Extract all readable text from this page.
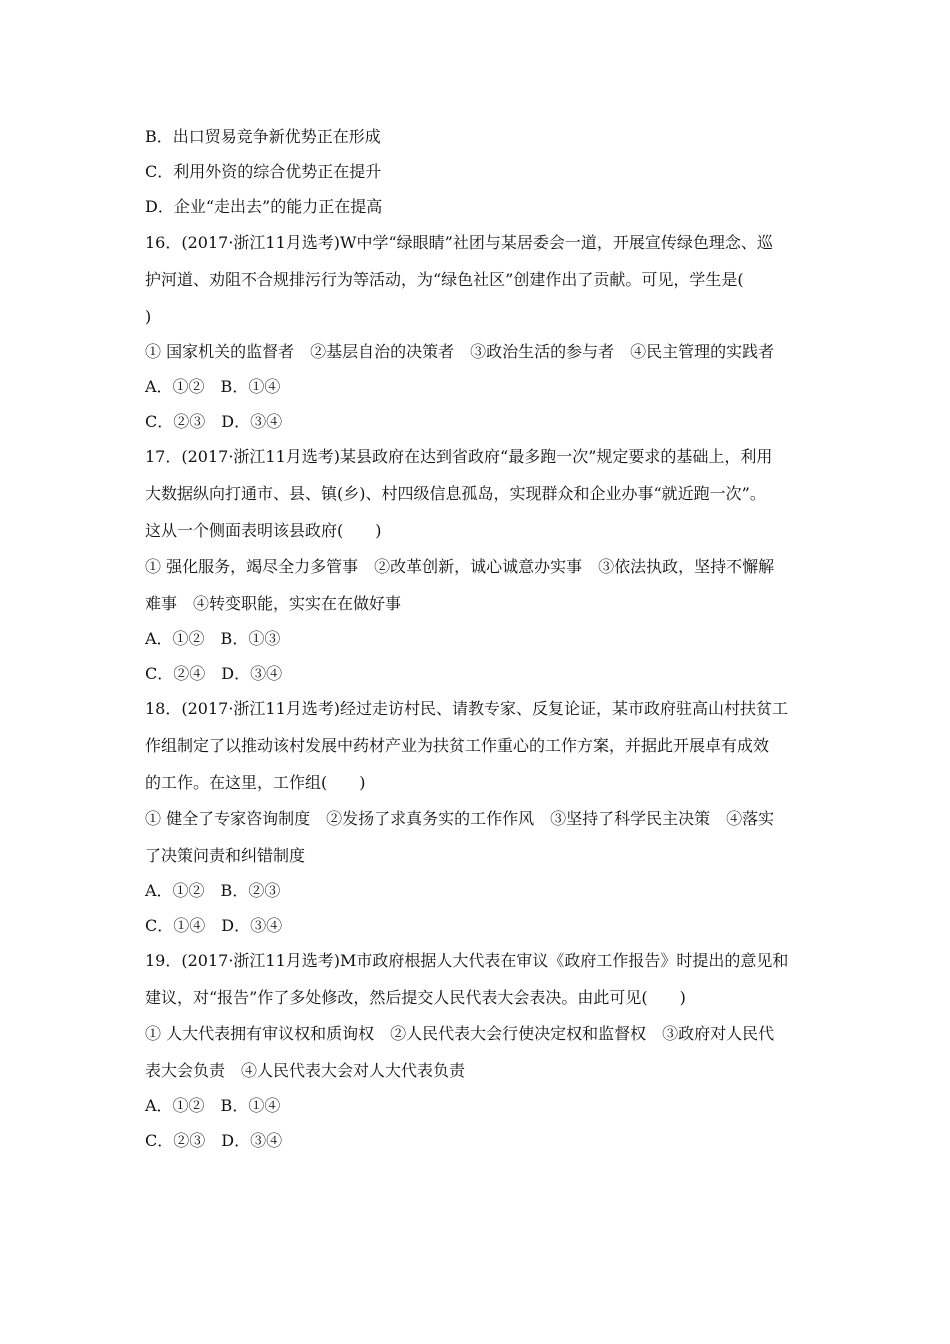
B．出口贸易竞争新优势正在形成

C．利用外资的综合优势正在提升

D．企业“走出去”的能力正在提高

16．(2017·浙江11月选考)W中学“绿眼睛”社团与某居委会一道，开展宣传绿色理念、巡

护河道、劝阻不合规排污行为等活动，为“绿色社区”创建作出了贡献。可见，学生是(

)

① 国家机关的监督者　②基层自治的决策者　③政治生活的参与者　④民主管理的实践者

A．①②　B．①④

C．②③　D．③④

17．(2017·浙江11月选考)某县政府在达到省政府“最多跑一次”规定要求的基础上，利用

大数据纵向打通市、县、镇(乡)、村四级信息孤岛，实现群众和企业办事“就近跑一次”。

这从一个侧面表明该县政府(　　)

① 强化服务，竭尽全力多管事　②改革创新，诚心诚意办实事　③依法执政，坚持不懈解

难事　④转变职能，实实在在做好事

A．①②　B．①③

C．②④　D．③④

18．(2017·浙江11月选考)经过走访村民、请教专家、反复论证，某市政府驻高山村扶贫工

作组制定了以推动该村发展中药材产业为扶贫工作重心的工作方案，并据此开展卓有成效

的工作。在这里，工作组(　　)

① 健全了专家咨询制度　②发扬了求真务实的工作作风　③坚持了科学民主决策　④落实

了决策问责和纠错制度

A．①②　B．②③

C．①④　D．③④

19．(2017·浙江11月选考)M市政府根据人大代表在审议《政府工作报告》时提出的意见和

建议，对“报告”作了多处修改，然后提交人民代表大会表决。由此可见(　　)

① 人大代表拥有审议权和质询权　②人民代表大会行使决定权和监督权　③政府对人民代

表大会负责　④人民代表大会对人大代表负责

A．①②　B．①④

C．②③　D．③④
